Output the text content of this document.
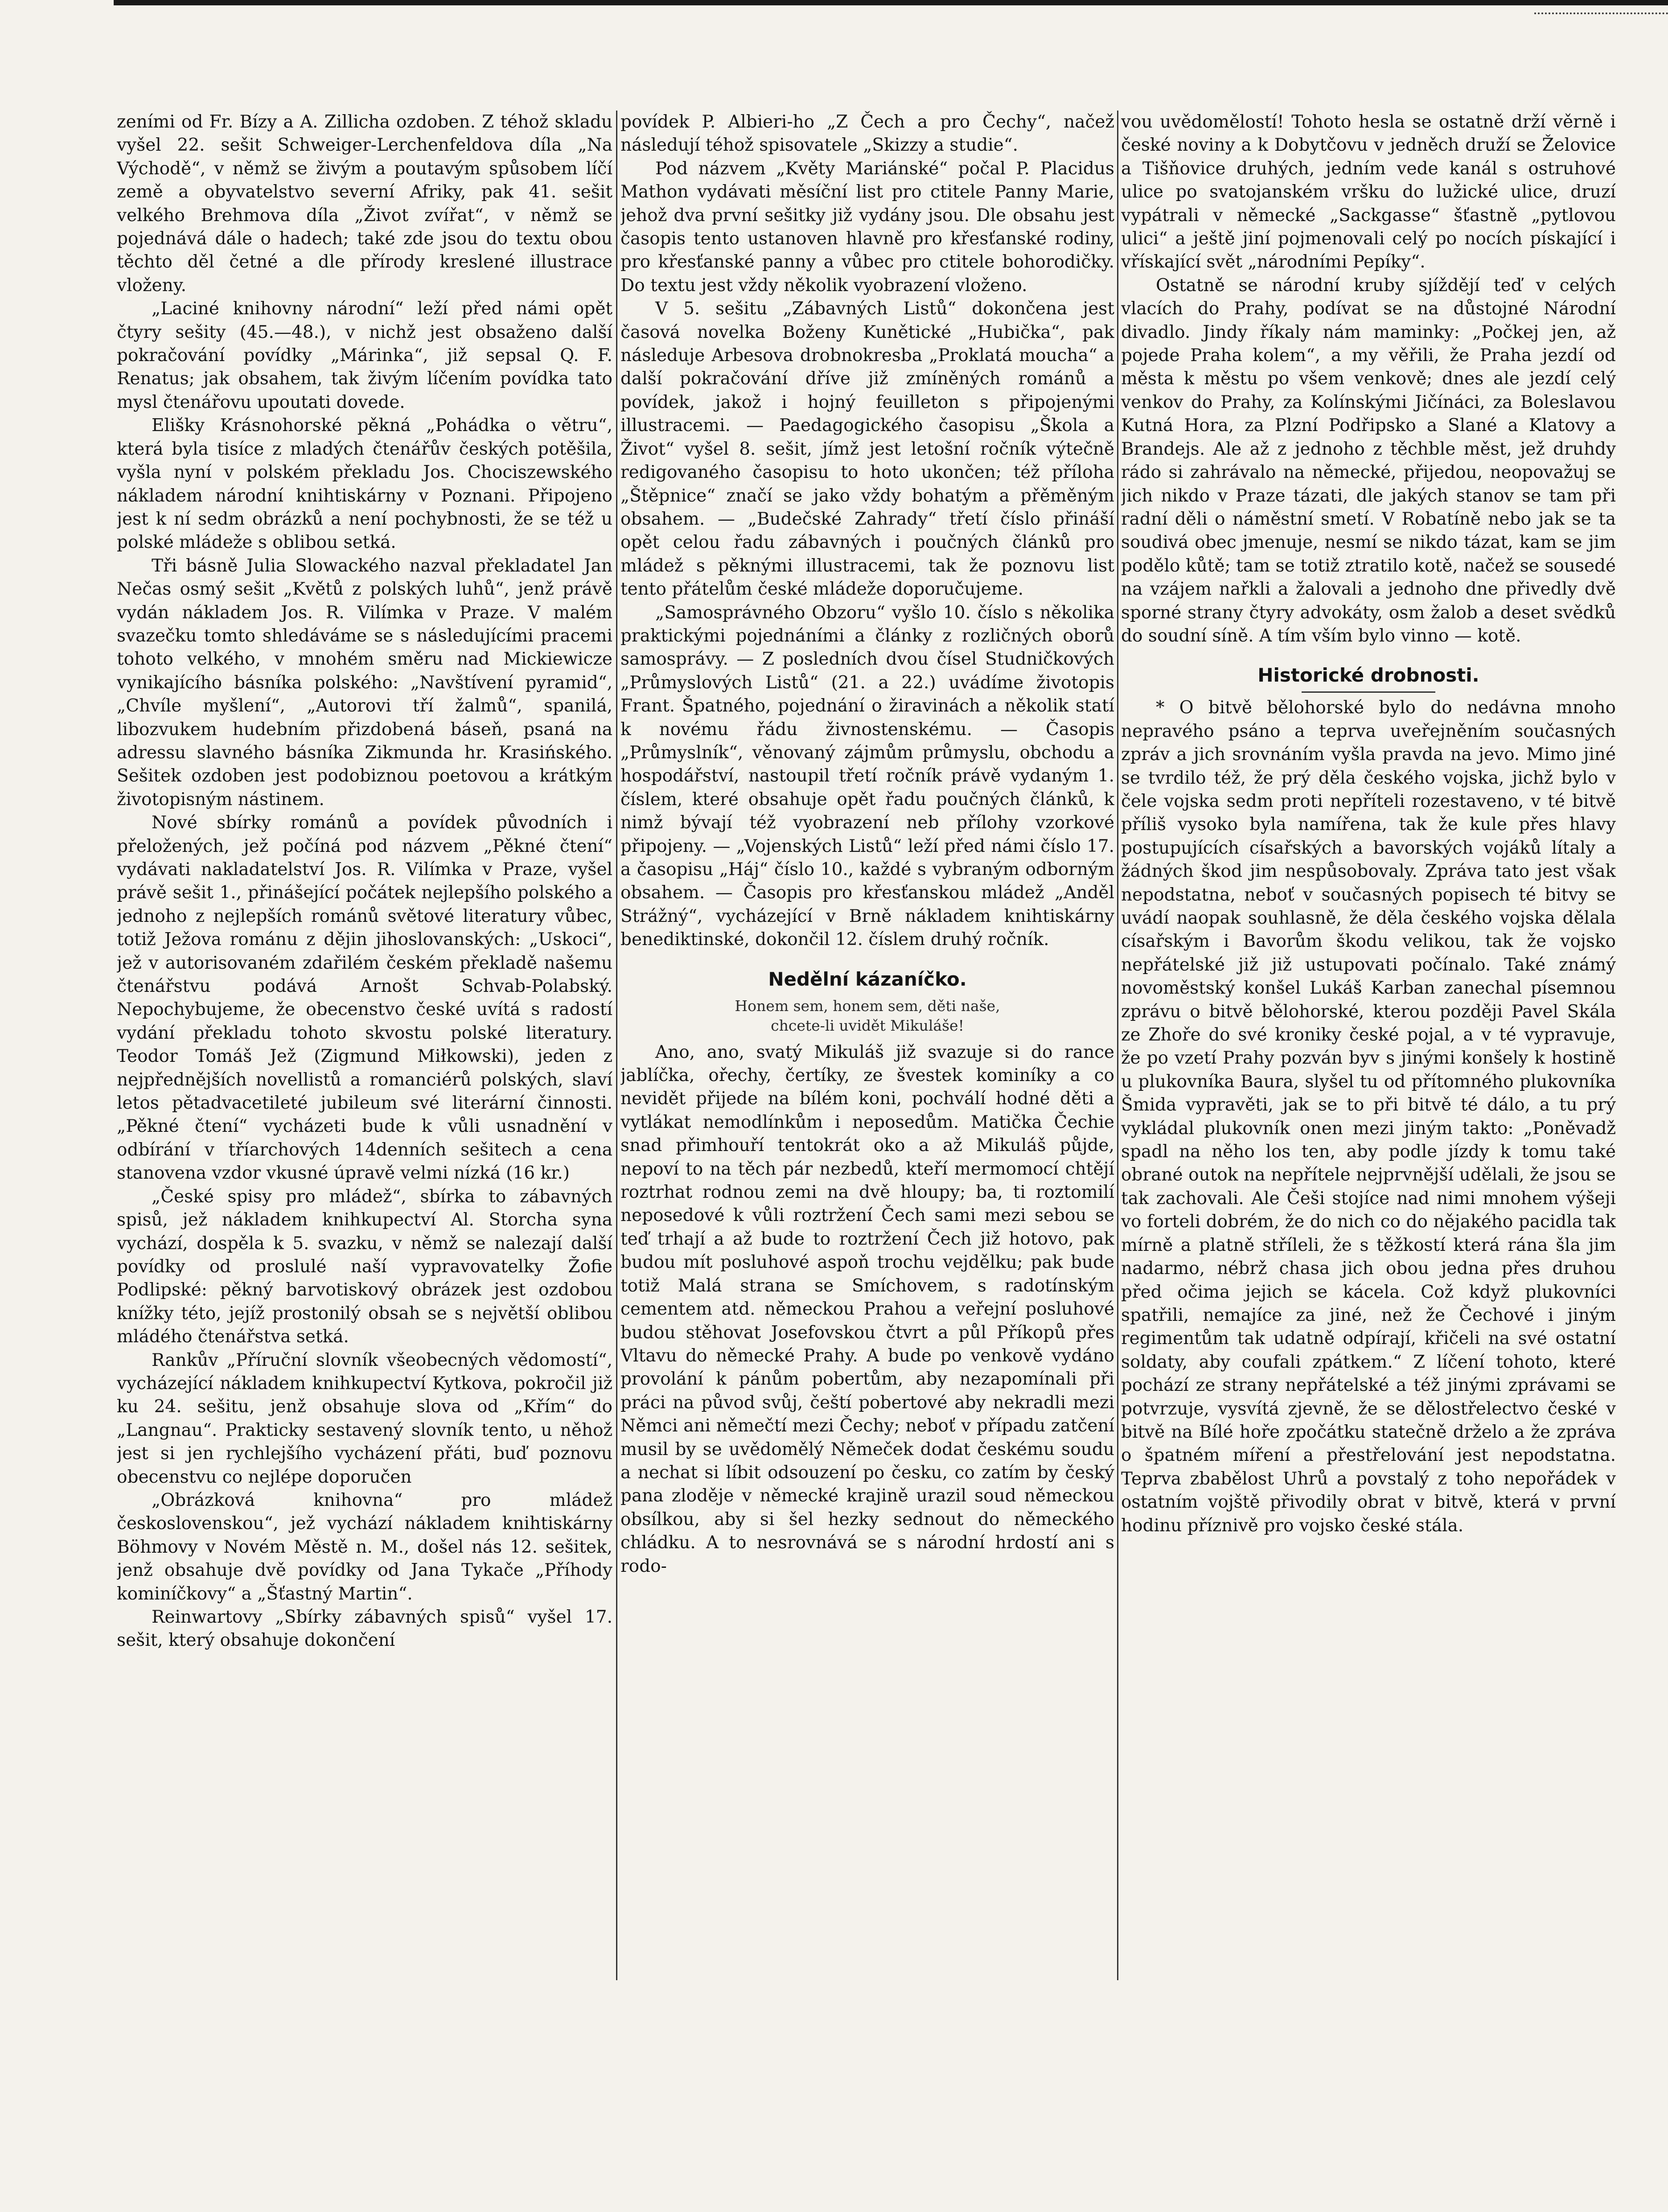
zeními od Fr. Bízy a A. Zillicha ozdoben. Z téhož skladu vyšel 22. sešit Schweiger-Lerchenfeldova díla „Na Východě“, v němž se živým a poutavým spůsobem líčí země a obyvatelstvo severní Afriky, pak 41. sešit velkého Brehmova díla „Život zvířat“, v němž se pojednává dále o hadech; také zde jsou do textu obou těchto děl četné a dle přírody kreslené illustrace vloženy.

„Laciné knihovny národní“ leží před námi opět čtyry sešity (45.—48.), v nichž jest obsaženo další pokračování povídky „Márinka“, již sepsal Q. F. Renatus; jak obsahem, tak živým líčením povídka tato mysl čtenářovu upoutati dovede.

Elišky Krásnohorské pěkná „Pohádka o větru“, která byla tisíce z mladých čtenářův českých potěšila, vyšla nyní v polském překladu Jos. Chociszewského nákladem národní knihtiskárny v Poznani. Připojeno jest k ní sedm obrázků a není pochybnosti, že se též u polské mládeže s oblibou setká.

Tři básně Julia Slowackého nazval překladatel Jan Nečas osmý sešit „Květů z polských luhů“, jenž právě vydán nákladem Jos. R. Vilímka v Praze. V malém svazečku tomto shledáváme se s následujícími pracemi tohoto velkého, v mnohém směru nad Mickiewicze vynikajícího básníka polského: „Navštívení pyramid“, „Chvíle myšlení“, „Autorovi tří žalmů“, spanilá, libozvukem hudebním přizdobená báseň, psaná na adressu slavného básníka Zikmunda hr. Krasińského. Sešitek ozdoben jest podobiznou poetovou a krátkým životopisným nástinem.

Nové sbírky románů a povídek původních i přeložených, jež počíná pod názvem „Pěkné čtení“ vydávati nakladatelství Jos. R. Vilímka v Praze, vyšel právě sešit 1., přinášející počátek nejlepšího polského a jednoho z nejlepších románů světové literatury vůbec, totiž Ježova románu z dějin jihoslovanských: „Uskoci“, jež v autorisovaném zdařilém českém překladě našemu čtenářstvu podává Arnošt Schvab-Polabský. Nepochybujeme, že obecenstvo české uvítá s radostí vydání překladu tohoto skvostu polské literatury. Teodor Tomáš Jež (Zigmund Miłkowski), jeden z nejpřednějších novellistů a romanciérů polských, slaví letos pětadvacetileté jubileum své literární činnosti. „Pěkné čtení“ vycházeti bude k vůli usnadnění v odbírání v tříarchových 14denních sešitech a cena stanovena vzdor vkusné úpravě velmi nízká (16 kr.)

„České spisy pro mládež“, sbírka to zábavných spisů, jež nákladem knihkupectví Al. Storcha syna vychází, dospěla k 5. svazku, v němž se nalezají další povídky od proslulé naší vypravovatelky Žofie Podlipské: pěkný barvotiskový obrázek jest ozdobou knížky této, jejíž prostonilý obsah se s největší oblibou mládého čtenářstva setká.

Rankův „Příruční slovník všeobecných vědomostí“, vycházející nákladem knihkupectví Kytkova, pokročil již ku 24. sešitu, jenž obsahuje slova od „Křím“ do „Langnau“. Prakticky sestavený slovník tento, u něhož jest si jen rychlejšího vycházení přáti, buď poznovu obecenstvu co nejlépe doporučen

„Obrázková knihovna“ pro mládež československou“, jež vychází nákladem knihtiskárny Böhmovy v Novém Městě n. M., došel nás 12. sešitek, jenž obsahuje dvě povídky od Jana Tykače „Příhody kominíčkovy“ a „Šťastný Martin“.

Reinwartovy „Sbírky zábavných spisů“ vyšel 17. sešit, který obsahuje dokončení

povídek P. Albieri-ho „Z Čech a pro Čechy“, načež následují téhož spisovatele „Skizzy a studie“.

Pod názvem „Květy Mariánské“ počal P. Placidus Mathon vydávati měsíční list pro ctitele Panny Marie, jehož dva první sešitky již vydány jsou. Dle obsahu jest časopis tento ustanoven hlavně pro křesťanské rodiny, pro křesťanské panny a vůbec pro ctitele bohorodičky. Do textu jest vždy několik vyobrazení vloženo.

V 5. sešitu „Zábavných Listů“ dokončena jest časová novelka Boženy Kunětické „Hubička“, pak následuje Arbesova drobnokresba „Proklatá moucha“ a další pokračování dříve již zmíněných románů a povídek, jakož i hojný feuilleton s připojenými illustracemi. — Paedagogického časopisu „Škola a Život“ vyšel 8. sešit, jímž jest letošní ročník výtečně redigovaného časopisu to hoto ukončen; též příloha „Štěpnice“ značí se jako vždy bohatým a přěměným obsahem. — „Budečské Zahrady“ třetí číslo přináší opět celou řadu zábavných i poučných článků pro mládež s pěknými illustracemi, tak že poznovu list tento přátelům české mládeže doporučujeme.

„Samosprávného Obzoru“ vyšlo 10. číslo s několika praktickými pojednáními a články z rozličných oborů samosprávy. — Z posledních dvou čísel Studničkových „Průmyslových Listů“ (21. a 22.) uvádíme životopis Frant. Špatného, pojednání o žiravinách a několik statí k novému řádu živnostenskému. — Časopis „Průmyslník“, věnovaný zájmům průmyslu, obchodu a hospodářství, nastoupil třetí ročník právě vydaným 1. číslem, které obsahuje opět řadu poučných článků, k nimž bývají též vyobrazení neb přílohy vzorkové připojeny. — „Vojenských Listů“ leží před námi číslo 17. a časopisu „Háj“ číslo 10., každé s vybraným odborným obsahem. — Časopis pro křesťanskou mládež „Anděl Strážný“, vycházející v Brně nákladem knihtiskárny benediktinské, dokončil 12. číslem druhý ročník.

Nedělní kázaníčko.
Honem sem, honem sem, děti naše,
chcete-li uvidět Mikuláše!

Ano, ano, svatý Mikuláš již svazuje si do rance jablíčka, ořechy, čertíky, ze švestek kominíky a co nevidět přijede na bílém koni, pochválí hodné děti a vytlákat nemodlínkům i neposedům. Matička Čechie snad přimhouří tentokrát oko a až Mikuláš půjde, nepoví to na těch pár nezbedů, kteří mermomocí chtějí roztrhat rodnou zemi na dvě hloupy; ba, ti roztomilí neposedové k vůli roztržení Čech sami mezi sebou se teď trhají a až bude to roztržení Čech již hotovo, pak budou mít posluhové aspoň trochu vejdělku; pak bude totiž Malá strana se Smíchovem, s radotínským cementem atd. německou Prahou a veřejní posluhové budou stěhovat Josefovskou čtvrt a půl Příkopů přes Vltavu do německé Prahy. A bude po venkově vydáno provolání k pánům pobertům, aby nezapomínali při práci na původ svůj, čeští pobertové aby nekradli mezi Němci ani němečtí mezi Čechy; neboť v případu zatčení musil by se uvědomělý Němeček dodat českému soudu a nechat si líbit odsouzení po česku, co zatím by český pana zloděje v německé krajině urazil soud německou obsílkou, aby si šel hezky sednout do německého chládku. A to nesrovnává se s národní hrdostí ani s rodo-

vou uvědomělostí! Tohoto hesla se ostatně drží věrně i české noviny a k Dobytčovu v jedněch druží se Želovice a Tišňovice druhých, jedním vede kanál s ostruhové ulice po svatojanském vršku do lužické ulice, druzí vypátrali v německé „Sackgasse“ šťastně „pytlovou ulici“ a ještě jiní pojmenovali celý po nocích pískající i vřískající svět „národními Pepíky“.

Ostatně se národní kruby sjíždějí teď v celých vlacích do Prahy, podívat se na důstojné Národní divadlo. Jindy říkaly nám maminky: „Počkej jen, až pojede Praha kolem“, a my věřili, že Praha jezdí od města k městu po všem venkově; dnes ale jezdí celý venkov do Prahy, za Kolínskými Jičínáci, za Boleslavou Kutná Hora, za Plzní Podřipsko a Slané a Klatovy a Brandejs. Ale až z jednoho z těchble měst, jež druhdy rádo si zahrávalo na německé, přijedou, neopovažuj se jich nikdo v Praze tázati, dle jakých stanov se tam při radní děli o náměstní smetí. V Robatíně nebo jak se ta soudivá obec jmenuje, nesmí se nikdo tázat, kam se jim podělo kůtě; tam se totiž ztratilo kotě, načež se sousedé na vzájem nařkli a žalovali a jednoho dne přivedly dvě sporné strany čtyry advokáty, osm žalob a deset svědků do soudní síně. A tím vším bylo vinno — kotě.

Historické drobnosti.

* O bitvě bělohorské bylo do nedávna mnoho nepravého psáno a teprva uveřejněním současných zpráv a jich srovnáním vyšla pravda na jevo. Mimo jiné se tvrdilo též, že prý děla českého vojska, jichž bylo v čele vojska sedm proti nepříteli rozestaveno, v té bitvě příliš vysoko byla namířena, tak že kule přes hlavy postupujících císařských a bavorských vojáků lítaly a žádných škod jim nespůsobovaly. Zpráva tato jest však nepodstatna, neboť v současných popisech té bitvy se uvádí naopak souhlasně, že děla českého vojska dělala císařským i Bavorům škodu velikou, tak že vojsko nepřátelské již již ustupovati počínalo. Také známý novoměstský konšel Lukáš Karban zanechal písemnou zprávu o bitvě bělohorské, kterou později Pavel Skála ze Zhoře do své kroniky české pojal, a v té vypravuje, že po vzetí Prahy pozván byv s jinými konšely k hostině u plukovníka Baura, slyšel tu od přítomného plukovníka Šmida vypravěti, jak se to při bitvě té dálo, a tu prý vykládal plukovník onen mezi jiným takto: „Poněvadž spadl na něho los ten, aby podle jízdy k tomu také obrané outok na nepřítele nejprvnější udělali, že jsou se tak zachovali. Ale Češi stojíce nad nimi mnohem výšeji vo forteli dobrém, že do nich co do nějakého pacidla tak mírně a platně stříleli, že s těžkostí která rána šla jim nadarmo, nébrž chasa jich obou jedna přes druhou před očima jejich se kácela. Což když plukovníci spatřili, nemajíce za jiné, než že Čechové i jiným regimentům tak udatně odpírají, křičeli na své ostatní soldaty, aby coufali zpátkem.“ Z líčení tohoto, které pochází ze strany nepřátelské a též jinými zprávami se potvrzuje, vysvítá zjevně, že se dělostřelectvo české v bitvě na Bílé hoře zpočátku statečně drželo a že zpráva o špatném míření a přestřelování jest nepodstatna. Teprva zbabělost Uhrů a povstalý z toho nepořádek v ostatním vojště přivodily obrat v bitvě, která v první hodinu příznivě pro vojsko české stála.
